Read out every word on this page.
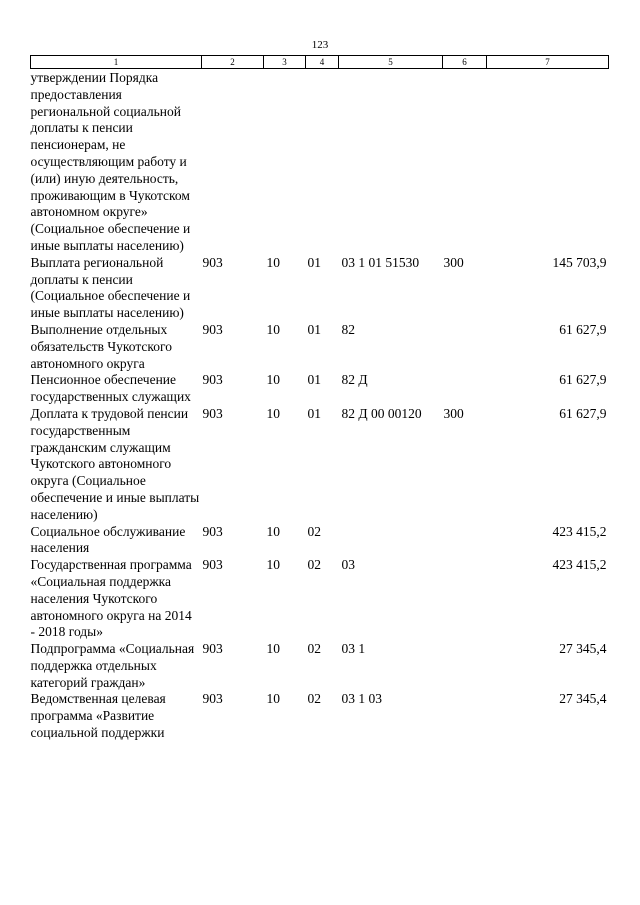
123
1	2	3	4	5	6	7
утверждении Порядка предоставления региональной социальной доплаты к пенсии пенсионерам, не осуществляющим работу и (или) иную деятельность, проживающим в Чукотском автономном округе» (Социальное обеспечение и иные выплаты населению)						
Выплата региональной доплаты к пенсии (Социальное обеспечение и иные выплаты населению)	903	10	01	03 1 01 51530	300	145 703,9
Выполнение отдельных обязательств Чукотского автономного округа	903	10	01	82		61 627,9
Пенсионное обеспечение государственных служащих	903	10	01	82 Д		61 627,9
Доплата к трудовой пенсии государственным гражданским служащим Чукотского автономного округа (Социальное обеспечение и иные выплаты населению)	903	10	01	82 Д 00 00120	300	61 627,9
Социальное обслуживание населения	903	10	02			423 415,2
Государственная программа «Социальная поддержка населения Чукотского автономного округа на 2014 - 2018 годы»	903	10	02	03		423 415,2
Подпрограмма «Социальная поддержка отдельных категорий граждан»	903	10	02	03 1		27 345,4
Ведомственная целевая программа «Развитие социальной поддержки	903	10	02	03 1 03		27 345,4
